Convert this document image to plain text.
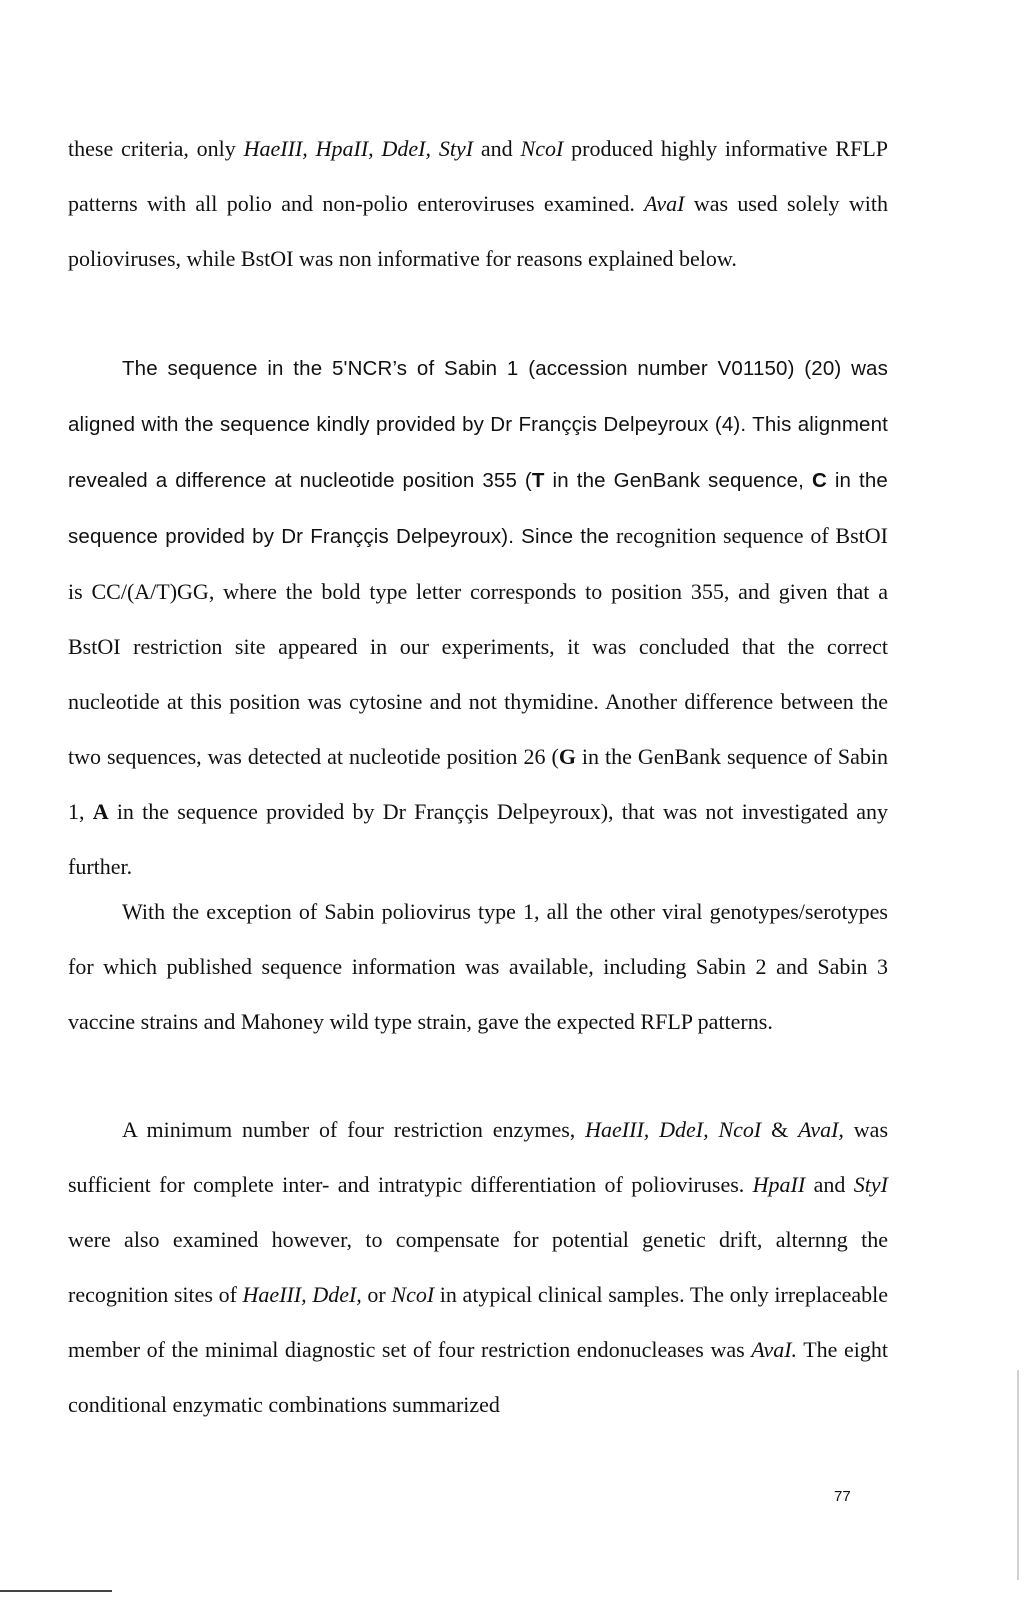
these criteria, only HaeIII, HpaII, DdeI, StyI and NcoI produced highly informative RFLP patterns with all polio and non-polio enteroviruses examined. AvaI was used solely with polioviruses, while BstOI was non informative for reasons explained below.

The sequence in the 5'NCR’s of Sabin 1 (accession number V01150) (20) was aligned with the sequence kindly provided by Dr Franççis Delpeyroux (4). This alignment revealed a difference at nucleotide position 355 (T in the GenBank sequence, C in the sequence provided by Dr Franççis Delpeyroux). Since the recognition sequence of BstOI is CC/(A/T)GG, where the bold type letter corresponds to position 355, and given that a BstOI restriction site appeared in our experiments, it was concluded that the correct nucleotide at this position was cytosine and not thymidine. Another difference between the two sequences, was detected at nucleotide position 26 (G in the GenBank sequence of Sabin 1, A in the sequence provided by Dr Franççis Delpeyroux), that was not investigated any further.

With the exception of Sabin poliovirus type 1, all the other viral genotypes/serotypes for which published sequence information was available, including Sabin 2 and Sabin 3 vaccine strains and Mahoney wild type strain, gave the expected RFLP patterns.

A minimum number of four restriction enzymes, HaeIII, DdeI, NcoI & AvaI, was sufficient for complete inter- and intratypic differentiation of polioviruses. HpaII and StyI were also examined however, to compensate for potential genetic drift, alternng the recognition sites of HaeIII, DdeI, or NcoI in atypical clinical samples. The only irreplaceable member of the minimal diagnostic set of four restriction endonucleases was AvaI. The eight conditional enzymatic combinations summarized

77
